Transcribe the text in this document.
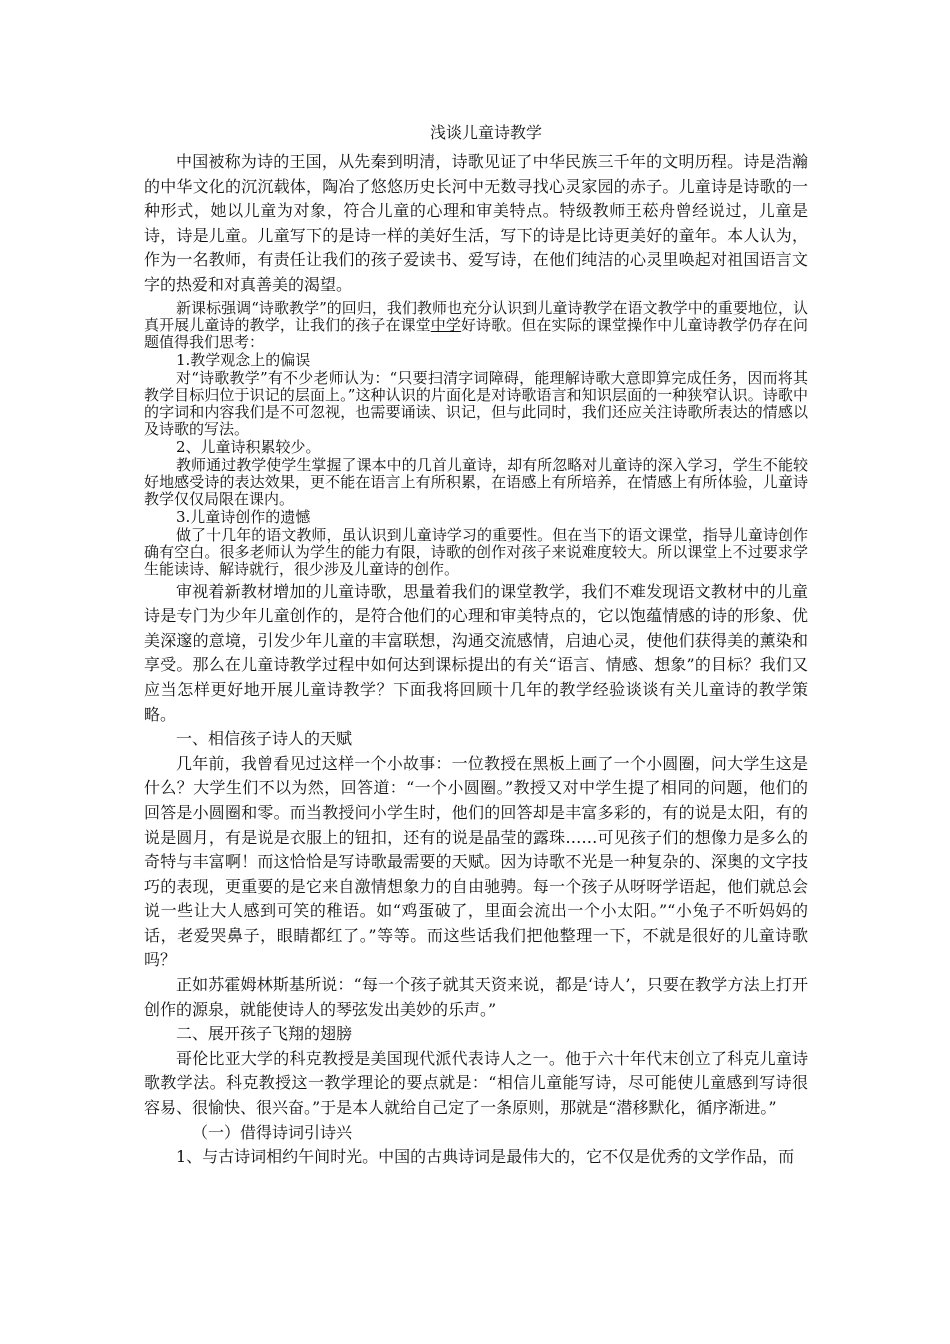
浅谈儿童诗教学

中国被称为诗的王国，从先秦到明清，诗歌见证了中华民族三千年的文明历程。诗是浩瀚的中华文化的沉沉载体，陶冶了悠悠历史长河中无数寻找心灵家园的赤子。儿童诗是诗歌的一种形式，她以儿童为对象，符合儿童的心理和审美特点。特级教师王菘舟曾经说过，儿童是诗，诗是儿童。儿童写下的是诗一样的美好生活，写下的诗是比诗更美好的童年。本人认为，作为一名教师，有责任让我们的孩子爱读书、爱写诗，在他们纯洁的心灵里唤起对祖国语言文字的热爱和对真善美的渴望。

新课标强调“诗歌教学”的回归，我们教师也充分认识到儿童诗教学在语文教学中的重要地位，认真开展儿童诗的教学，让我们的孩子在课堂中学好诗歌。但在实际的课堂操作中儿童诗教学仍存在问题值得我们思考：

1.教学观念上的偏误

对“诗歌教学”有不少老师认为：“只要扫清字词障碍，能理解诗歌大意即算完成任务，因而将其教学目标归位于识记的层面上。”这种认识的片面化是对诗歌语言和知识层面的一种狭窄认识。诗歌中的字词和内容我们是不可忽视，也需要诵读、识记，但与此同时，我们还应关注诗歌所表达的情感以及诗歌的写法。

2、儿童诗积累较少。

教师通过教学使学生掌握了课本中的几首儿童诗，却有所忽略对儿童诗的深入学习，学生不能较好地感受诗的表达效果，更不能在语言上有所积累，在语感上有所培养，在情感上有所体验，儿童诗教学仅仅局限在课内。

3.儿童诗创作的遗憾

做了十几年的语文教师，虽认识到儿童诗学习的重要性。但在当下的语文课堂，指导儿童诗创作确有空白。很多老师认为学生的能力有限，诗歌的创作对孩子来说难度较大。所以课堂上不过要求学生能读诗、解诗就行，很少涉及儿童诗的创作。

审视着新教材增加的儿童诗歌，思量着我们的课堂教学，我们不难发现语文教材中的儿童诗是专门为少年儿童创作的，是符合他们的心理和审美特点的，它以饱蕴情感的诗的形象、优美深邃的意境，引发少年儿童的丰富联想，沟通交流感情，启迪心灵，使他们获得美的薰染和享受。那么在儿童诗教学过程中如何达到课标提出的有关“语言、情感、想象”的目标？我们又应当怎样更好地开展儿童诗教学？下面我将回顾十几年的教学经验谈谈有关儿童诗的教学策略。

一、相信孩子诗人的天赋

几年前，我曾看见过这样一个小故事：一位教授在黑板上画了一个小圆圈，问大学生这是什么？大学生们不以为然，回答道：“一个小圆圈。”教授又对中学生提了相同的问题，他们的回答是小圆圈和零。而当教授问小学生时，他们的回答却是丰富多彩的，有的说是太阳，有的说是圆月，有是说是衣服上的钮扣，还有的说是晶莹的露珠……可见孩子们的想像力是多么的奇特与丰富啊！而这恰恰是写诗歌最需要的天赋。因为诗歌不光是一种复杂的、深奥的文字技巧的表现，更重要的是它来自激情想象力的自由驰骋。每一个孩子从呀呀学语起，他们就总会说一些让大人感到可笑的稚语。如“鸡蛋破了，里面会流出一个小太阳。”“小兔子不听妈妈的话，老爱哭鼻子，眼睛都红了。”等等。而这些话我们把他整理一下，不就是很好的儿童诗歌吗？

正如苏霍姆林斯基所说：“每一个孩子就其天资来说，都是‘诗人’，只要在教学方法上打开创作的源泉，就能使诗人的琴弦发出美妙的乐声。”

二、展开孩子飞翔的翅膀

哥伦比亚大学的科克教授是美国现代派代表诗人之一。他于六十年代末创立了科克儿童诗歌教学法。科克教授这一教学理论的要点就是：“相信儿童能写诗，尽可能使儿童感到写诗很容易、很愉快、很兴奋。”于是本人就给自己定了一条原则，那就是“潜移默化，循序渐进。”

（一）借得诗词引诗兴

1、与古诗词相约午间时光。中国的古典诗词是最伟大的，它不仅是优秀的文学作品，而
